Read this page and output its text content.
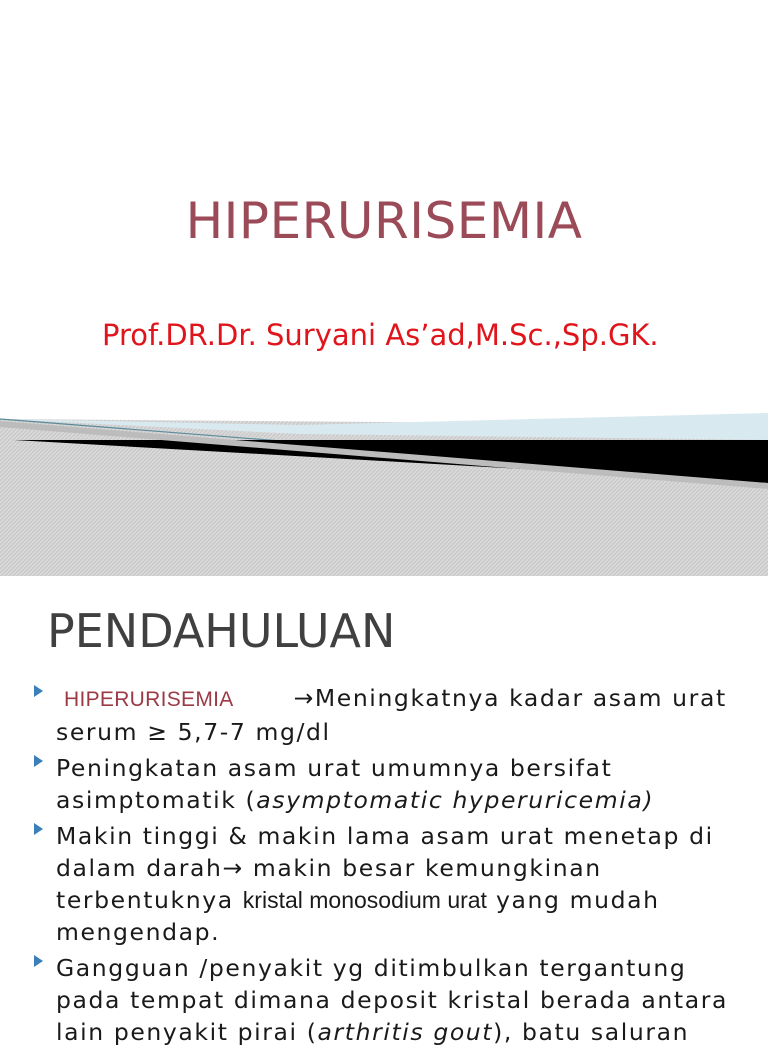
HIPERURISEMIA
Prof.DR.Dr. Suryani As’ad,M.Sc.,Sp.GK.
PENDAHULUAN
HIPERURISEMIA	→Meningkatnya kadar asam urat serum ≥ 5,7-7 mg/dl
Peningkatan asam urat umumnya bersifat asimptomatik (asymptomatic hyperuricemia)
Makin tinggi & makin lama asam urat menetap di dalam darah→ makin besar kemungkinan terbentuknya kristal monosodium urat yang mudah mengendap.
Gangguan /penyakit yg ditimbulkan tergantung pada tempat dimana deposit kristal berada antara lain penyakit pirai (arthritis gout), batu saluran
